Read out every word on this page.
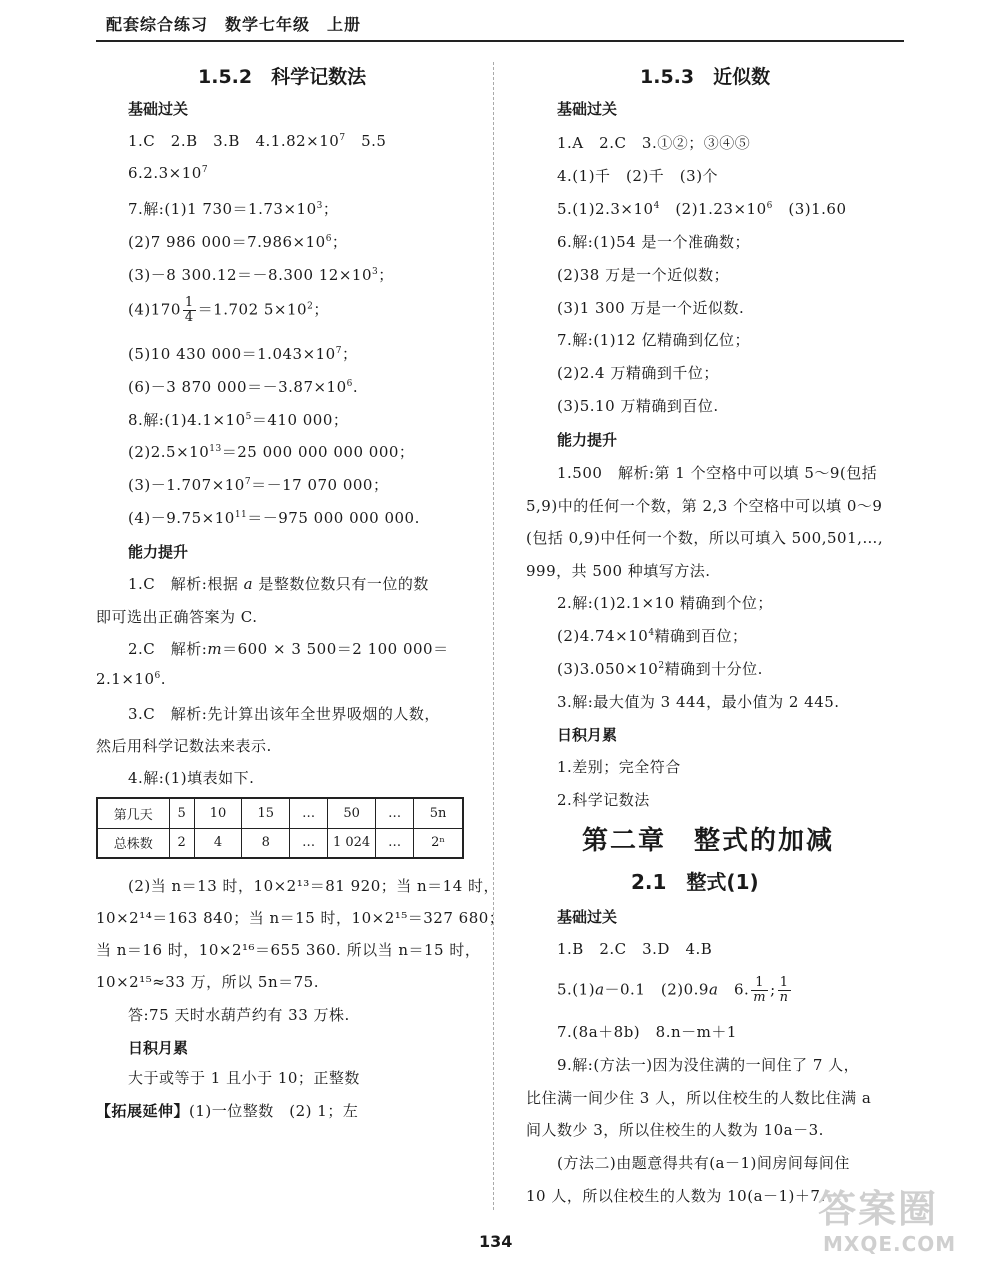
配套综合练习　数学七年级　上册
1.5.2　科学记数法
基础过关
1.C　2.B　3.B　$4.1.82\times 10^7$　5.5
$6.2.3\times 10^7$
7.解:(1)1 $730=1.73\times 10^3$；
(2)7 986 $000=7.986\times 10^6$；
(3)－8 300.12＝－8.300 $12\times 10^3$；
$(4)170 \frac{1}{4} =1.702$ $5\times 10^2$；
(5)10 430 $000=1.043\times 10^7$；
(6)－3 870 $000=-3.87\times 10^6$.
8.解$:(1)4.1\times 10^5=410$ 000；
$(2)2.5\times 10^{13}=25$ 000 000 000 000；
$(3)-1.707\times 10^7=-17$ 070 000；
$(4)-9.75\times 10^{11}=-975$ 000 000 000.
能力提升
1.C　解析:根据 a 是整数位数只有一位的数
即可选出正确答案为 C.
2.C　解析:m＝600 × 3 500＝2 100 000＝
$2.1\times 10^6$.
3.C　解析:先计算出该年全世界吸烟的人数，
然后用科学记数法来表示.
4.解:(1)填表如下.
第几天	5	10	15	…	50	…	5n
总株数	2	4	8	…	1 024	…	2ⁿ
(2)当 n＝13 时，10×2¹³＝81 920；当 n＝14 时，
10×2¹⁴＝163 840；当 n＝15 时，10×2¹⁵＝327 680；
当 n＝16 时，10×2¹⁶＝655 360. 所以当 n＝15 时，
10×2¹⁵≈33 万，所以 5n＝75.
答:75 天时水葫芦约有 33 万株.
日积月累
大于或等于 1 且小于 10；正整数
【拓展延伸】(1)一位整数　(2) 1；左
1.5.3　近似数
基础过关
1.A　2.C　3.①②；③④⑤
4.(1)千　(2)千　(3)个
$5.(1)2.3\times 10^4$　$(2)1.23\times 10^6$　(3)1.60
6.解:(1)54 是一个准确数；
(2)38 万是一个近似数；
(3)1 300 万是一个近似数.
7.解:(1)12 亿精确到亿位；
(2)2.4 万精确到千位；
(3)5.10 万精确到百位.
能力提升
1.500　解析:第 1 个空格中可以填 5～9(包括
5,9)中的任何一个数，第 2,3 个空格中可以填 0～9
(包括 0,9)中任何一个数，所以可填入 500,501,…,
999，共 500 种填写方法.
2.解:(1)2.1×10 精确到个位；
$(2)4.74\times 10^4$精确到百位；
$(3)3.050\times 10^2$精确到十分位.
3.解:最大值为 3 444，最小值为 2 445.
日积月累
1.差别；完全符合
2.科学记数法
第二章　整式的加减
2.1　整式(1)
基础过关
1.B　2.C　3.D　4.B
5.(1)a－0.1　(2)0.9a　6. $\frac{1}{m}$ ; $\frac{1}{n}$
7.(8a＋8b)　8.n－m＋1
9.解:(方法一)因为没住满的一间住了 7 人，
比住满一间少住 3 人，所以住校生的人数比住满 a
间人数少 3，所以住校生的人数为 10a－3.
(方法二)由题意得共有(a－1)间房间每间住
10 人，所以住校生的人数为 10(a－1)＋7.
134
答案圈
MXQE.COM
